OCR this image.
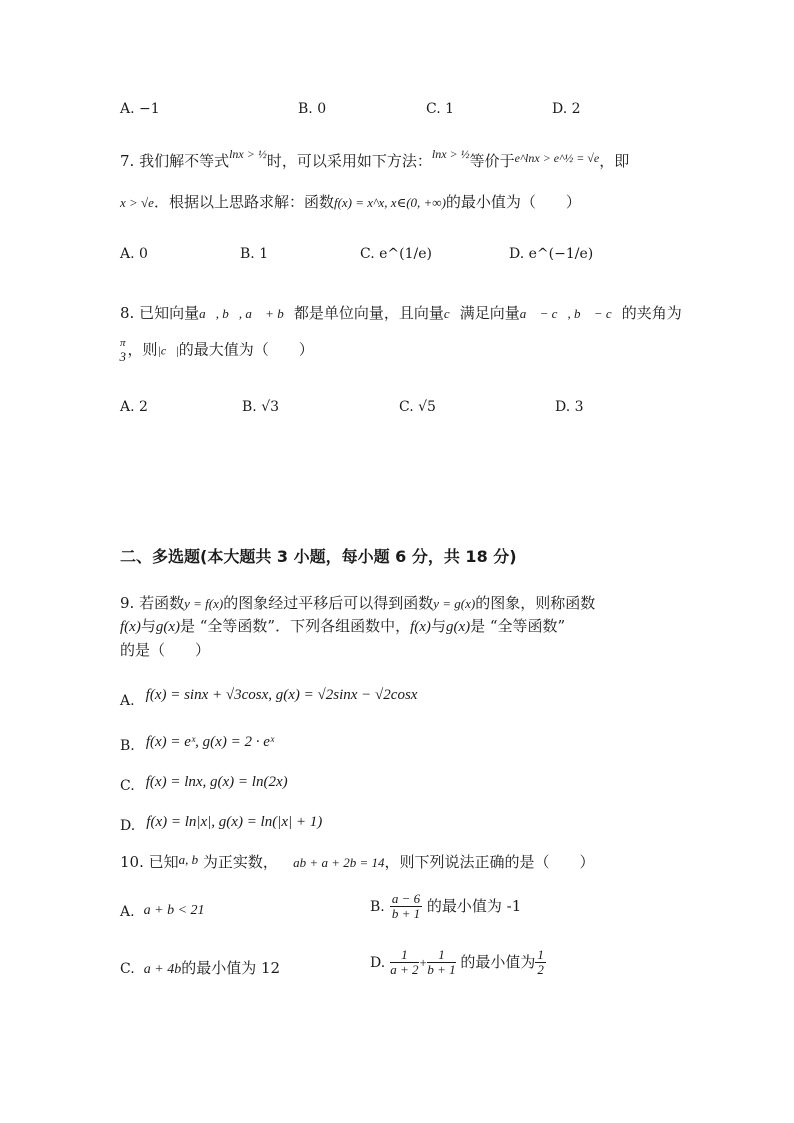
A. −1	B. 0	C. 1	D. 2
7. 我们解不等式$^{lnx > \frac{1}{2}}$时，可以采用如下方法：$^{lnx > \frac{1}{2}}$等价于$^{e\^{}lnx > e\^{}\frac{1}{2} = √e}$，即
x > √e．根据以上思路求解：函数f(x) = x^x, x∈(0, +∞)的最小值为（　　）
A. 0	B. 1	C. e^(1/e)	D. e^(−1/e)
8. 已知向量a⃗, b⃗, a⃗ + b⃗都是单位向量，且向量c⃗满足向量a⃗ − c⃗, b⃗ − c⃗的夹角为
π
3 ，则|c⃗|的最大值为（　　）
A. 2	B. √3	C. √5	D. 3
二、多选题(本大题共 3 小题，每小题 6 分，共 18 分)
9. 若函数y = f(x)的图象经过平移后可以得到函数y = g(x)的图象，则称函数
f(x)与g(x)是 “全等函数”．下列各组函数中，f(x)与g(x)是 “全等函数”
的是（　　）
A. f(x) = sinx + √3cosx, g(x) = √2sinx − √2cosx
B. f(x) = eˣ, g(x) = 2 · eˣ
C. f(x) = lnx, g(x) = ln(2x)
D. f(x) = ln|x|, g(x) = ln(|x| + 1)
10. 已知a, b 为正实数， ab + a + 2b = 14，则下列说法正确的是（　　）
A. a + b < 21	B. $\frac{a - 6}{b + 1}$ 的最小值为 -1
C. a + 4b的最小值为 12	D. $\frac{1}{a + 2} + \frac{1}{b + 1}$ 的最小值为 $\frac{1}{2}$
